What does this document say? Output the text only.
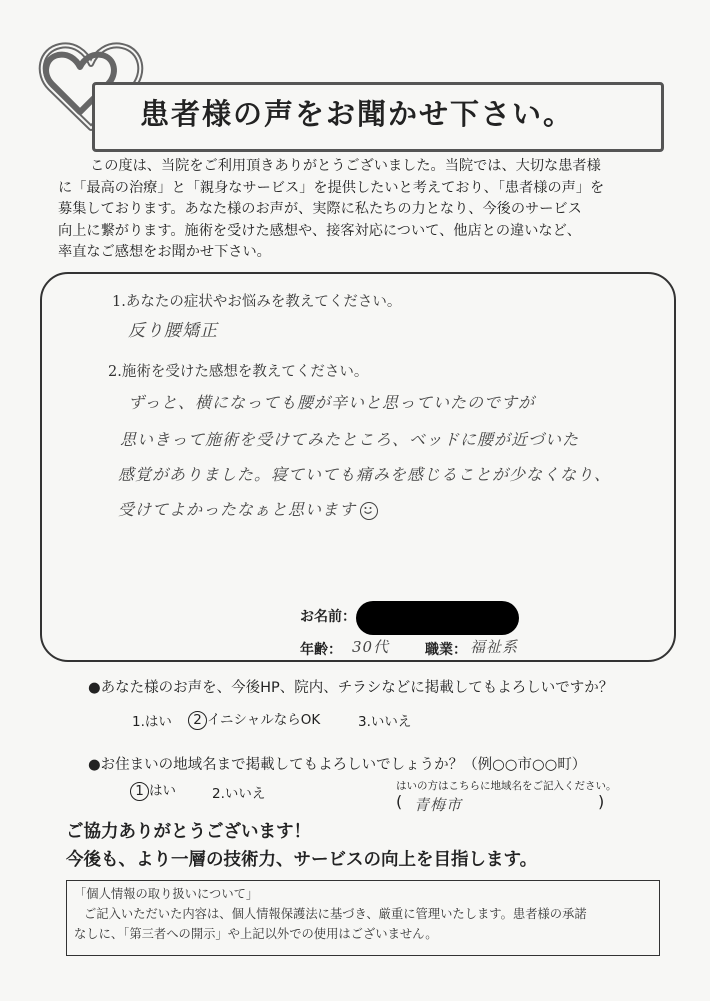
患者様の声をお聞かせ下さい。
この度は、当院をご利用頂きありがとうございました。当院では、大切な患者様
に「最高の治療」と「親身なサービス」を提供したいと考えており、「患者様の声」を
募集しております。あなた様のお声が、実際に私たちの力となり、今後のサービス
向上に繋がります。施術を受けた感想や、接客対応について、他店との違いなど、
率直なご感想をお聞かせ下さい。
1.あなたの症状やお悩みを教えてください。
反り腰矯正
2.施術を受けた感想を教えてください。
ずっと、横になっても腰が辛いと思っていたのですが
思いきって施術を受けてみたところ、ベッドに腰が近づいた
感覚がありました。寝ていても痛みを感じることが少なくなり、
受けてよかったなぁと思います
お名前：
年齢： 30代	職業： 福祉系
●あなた様のお声を、今後HP、院内、チラシなどに掲載してもよろしいですか？
1.はい	2 イニシャルならOK	3.いいえ
●お住まいの地域名まで掲載してもよろしいでしょうか？（例○○市○○町）
1 はい	2.いいえ	はいの方はこちらに地域名をご記入ください。
( 青梅市	)
ご協力ありがとうございます！
今後も、より一層の技術力、サービスの向上を目指します。
「個人情報の取り扱いについて」
ご記入いただいた内容は、個人情報保護法に基づき、厳重に管理いたします。患者様の承諾
なしに、「第三者への開示」や上記以外での使用はございません。
